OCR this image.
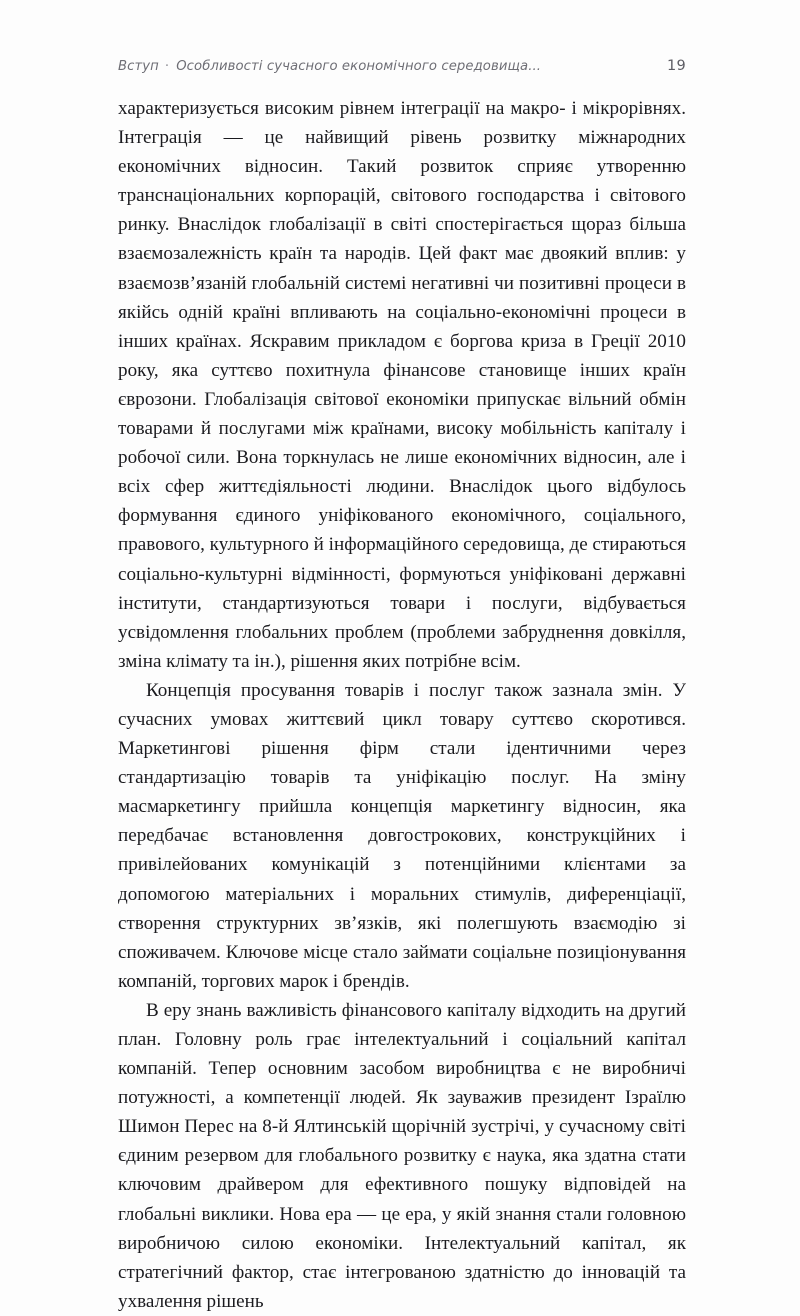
Вступ · Особливості сучасного економічного середовища...	19

характеризується високим рівнем інтеграції на макро- і мікрорівнях. Інтеграція — це найвищий рівень розвитку міжнародних економічних відносин. Такий розвиток сприяє утворенню транснаціональних корпорацій, світового господарства і світового ринку. Внаслідок глобалізації в світі спостерігається щораз більша взаємозалежність країн та народів. Цей факт має двоякий вплив: у взаємозв’язаній глобальній системі негативні чи позитивні процеси в якійсь одній країні впливають на соціально-економічні процеси в інших країнах. Яскравим прикладом є боргова криза в Греції 2010 року, яка суттєво похитнула фінансове становище інших країн єврозони. Глобалізація світової економіки припускає вільний обмін товарами й послугами між країнами, високу мобільність капіталу і робочої сили. Вона торкнулась не лише економічних відносин, але і всіх сфер життєдіяльності людини. Внаслідок цього відбулось формування єдиного уніфікованого економічного, соціального, правового, культурного й інформаційного середовища, де стираються соціально-культурні відмінності, формуються уніфіковані державні інститути, стандартизуються товари і послуги, відбувається усвідомлення глобальних проблем (проблеми забруднення довкілля, зміна клімату та ін.), рішення яких потрібне всім.

Концепція просування товарів і послуг також зазнала змін. У сучасних умовах життєвий цикл товару суттєво скоротився. Маркетингові рішення фірм стали ідентичними через стандартизацію товарів та уніфікацію послуг. На зміну масмаркетингу прийшла концепція маркетингу відносин, яка передбачає встановлення довгострокових, конструкційних і привілейованих комунікацій з потенційними клієнтами за допомогою матеріальних і моральних стимулів, диференціації, створення структурних зв’язків, які полегшують взаємодію зі споживачем. Ключове місце стало займати соціальне позиціонування компаній, торгових марок і брендів.

В еру знань важливість фінансового капіталу відходить на другий план. Головну роль грає інтелектуальний і соціальний капітал компаній. Тепер основним засобом виробництва є не виробничі потужності, а компетенції людей. Як зауважив президент Ізраїлю Шимон Перес на 8-й Ялтинській щорічній зустрічі, у сучасному світі єдиним резервом для глобального розвитку є наука, яка здатна стати ключовим драйвером для ефективного пошуку відповідей на глобальні виклики. Нова ера — це ера, у якій знання стали головною виробничою силою економіки. Інтелектуальний капітал, як стратегічний фактор, стає інтегрованою здатністю до інновацій та ухвалення рішень
